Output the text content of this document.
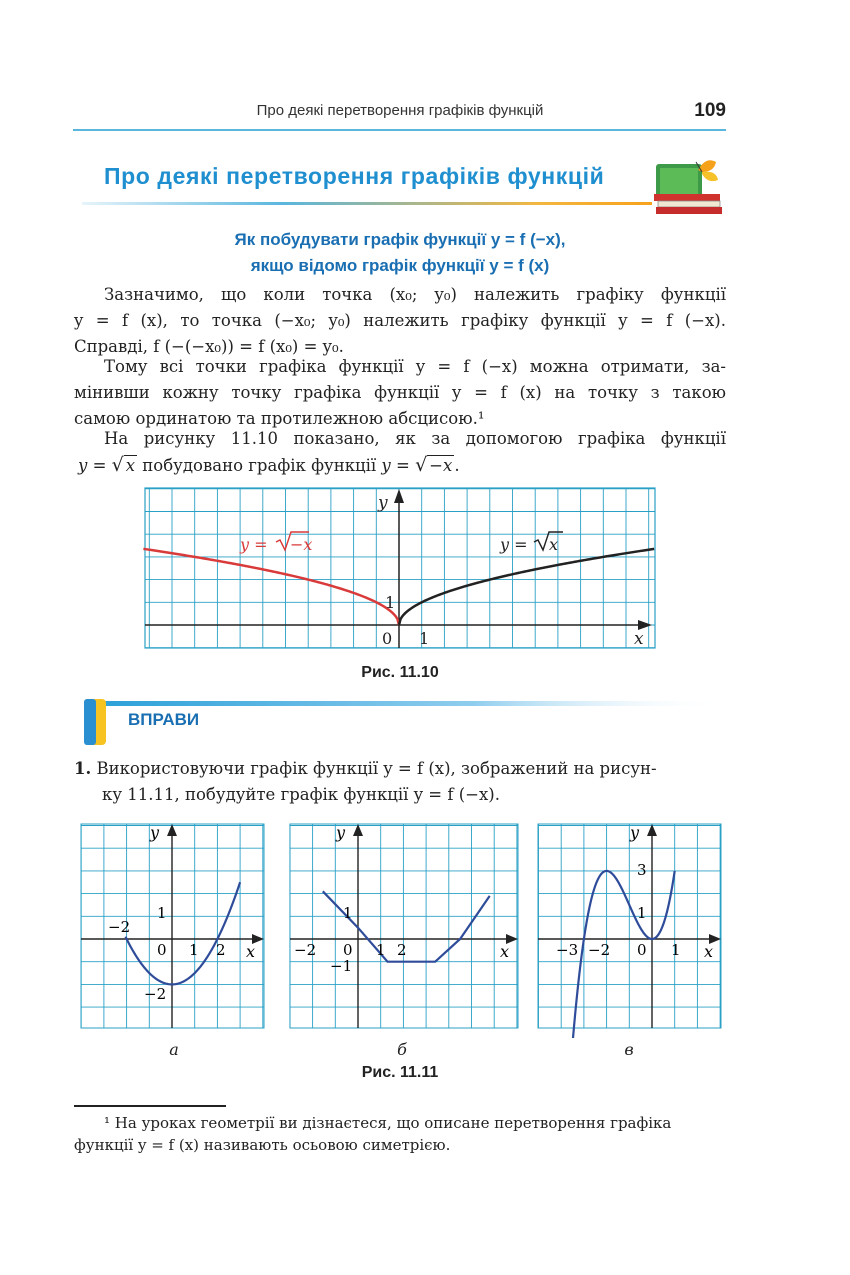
Про деякі перетворення графіків функцій	109
Про деякі перетворення графіків функцій
Як побудувати графік функції y = f (−x),
якщо відомо графік функції y = f (x)
Зазначимо, що коли точка (x₀; y₀) належить графіку функції
y = f (x), то точка (−x₀; y₀) належить графіку функції y = f (−x).
Справді, f (−(−x₀)) = f (x₀) = y₀.
Тому всі точки графіка функції y = f (−x) можна отримати, за-
мінивши кожну точку графіка функції y = f (x) на точку з такою
самою ординатою та протилежною абсцисою.¹
На рисунку 11.10 показано, як за допомогою графіка функції
y = √ x побудовано графік функції y = √ −x .
x
y
0 1
1
y = −x	y = x
Рис. 11.10
ВПРАВИ
1. Використовуючи графік функції y = f (x), зображений на рисун-
ку 11.11, побудуйте графік функції y = f (−x).
y
x
−2
0 1 2
1
−2
y
x
−2 0 1 2
1
−1
y
x
−3 −2 0 1
1
3
а	б	в
Рис. 11.11
¹ На уроках геометрії ви дізнаєтеся, що описане перетворення графіка
функції y = f (x) називають осьовою симетрією.
